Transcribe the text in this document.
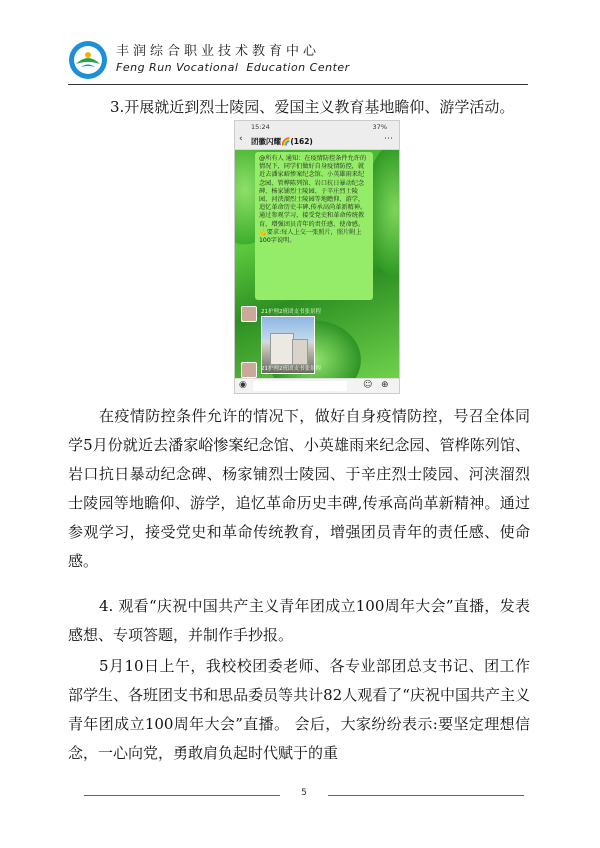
丰润综合职业技术教育中心
Feng Run Vocational  Education Center
3.开展就近到烈士陵园、爱国主义教育基地瞻仰、游学活动。
15:24	37%
‹ 团徽闪耀🌈(162)	⋯
@所有人 通知：在疫情防控条件允许的情况下，同学们做好自身疫情防控，就近去潘家峪惨案纪念馆、小英雄雨来纪念园、管桦陈列馆、岩口抗日暴动纪念碑、杨家铺烈士陵园、于辛庄烈士陵园、河浃溜烈士陵园等地瞻仰、游学，追忆革命历史丰碑,传承高尚革新精神。通过参观学习，接受党史和革命传统教育，增强团员青年的责任感、使命感。💪要求:每人上交一张照片，照片附上100字说明。
21护理2班团支书张景程
21护理2班团支书张景程
◉	☺ ⊕

在疫情防控条件允许的情况下，做好自身疫情防控，号召全体同学5月份就近去潘家峪惨案纪念馆、小英雄雨来纪念园、管桦陈列馆、岩口抗日暴动纪念碑、杨家铺烈士陵园、于辛庄烈士陵园、河浃溜烈士陵园等地瞻仰、游学，追忆革命历史丰碑,传承高尚革新精神。通过参观学习，接受党史和革命传统教育，增强团员青年的责任感、使命感。

4. 观看“庆祝中国共产主义青年团成立100周年大会”直播，发表感想、专项答题，并制作手抄报。

5月10日上午，我校校团委老师、各专业部团总支书记、团工作部学生、各班团支书和思品委员等共计82人观看了“庆祝中国共产主义青年团成立100周年大会”直播。 会后，大家纷纷表示:要坚定理想信念，一心向党，勇敢肩负起时代赋于的重

5
